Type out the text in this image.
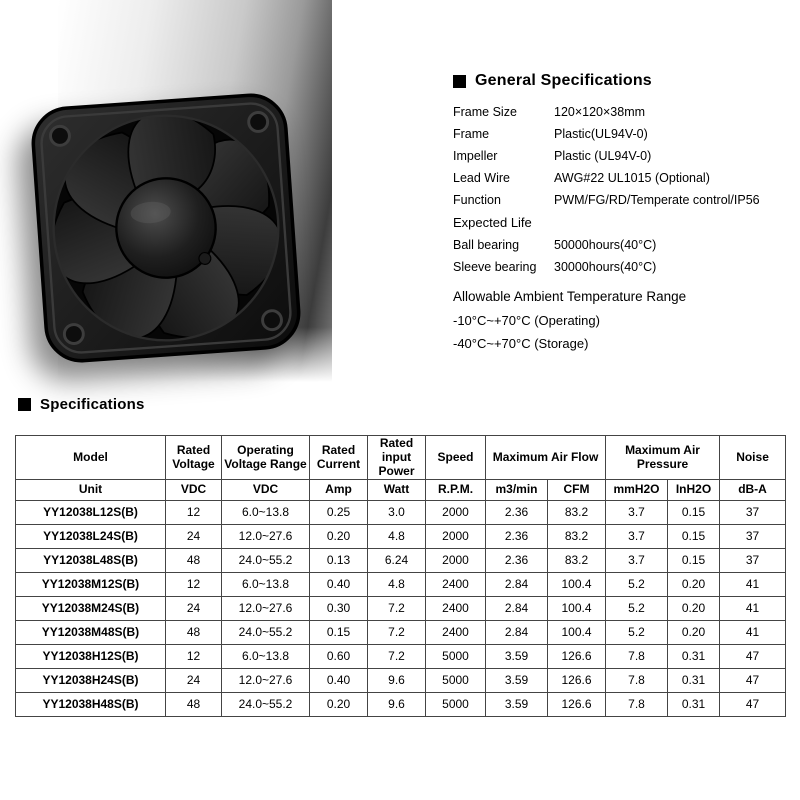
General Specifications
Frame Size	120×120×38mm
Frame	Plastic(UL94V-0)
Impeller	Plastic (UL94V-0)
Lead Wire	AWG#22 UL1015 (Optional)
Function	PWM/FG/RD/Temperate control/IP56
Expected Life
Ball bearing	50000hours(40°C)
Sleeve bearing	30000hours(40°C)
Allowable Ambient Temperature Range
-10°C~+70°C (Operating)
-40°C~+70°C (Storage)
Specifications
Model	Rated Voltage	Operating Voltage Range	Rated Current	Rated input Power	Speed	Maximum Air Flow		Maximum Air Pressure		Noise
Unit	VDC	VDC	Amp	Watt	R.P.M.	m3/min	CFM	mmH2O	InH2O	dB-A
YY12038L12S(B)	12	6.0~13.8	0.25	3.0	2000	2.36	83.2	3.7	0.15	37
YY12038L24S(B)	24	12.0~27.6	0.20	4.8	2000	2.36	83.2	3.7	0.15	37
YY12038L48S(B)	48	24.0~55.2	0.13	6.24	2000	2.36	83.2	3.7	0.15	37
YY12038M12S(B)	12	6.0~13.8	0.40	4.8	2400	2.84	100.4	5.2	0.20	41
YY12038M24S(B)	24	12.0~27.6	0.30	7.2	2400	2.84	100.4	5.2	0.20	41
YY12038M48S(B)	48	24.0~55.2	0.15	7.2	2400	2.84	100.4	5.2	0.20	41
YY12038H12S(B)	12	6.0~13.8	0.60	7.2	5000	3.59	126.6	7.8	0.31	47
YY12038H24S(B)	24	12.0~27.6	0.40	9.6	5000	3.59	126.6	7.8	0.31	47
YY12038H48S(B)	48	24.0~55.2	0.20	9.6	5000	3.59	126.6	7.8	0.31	47
